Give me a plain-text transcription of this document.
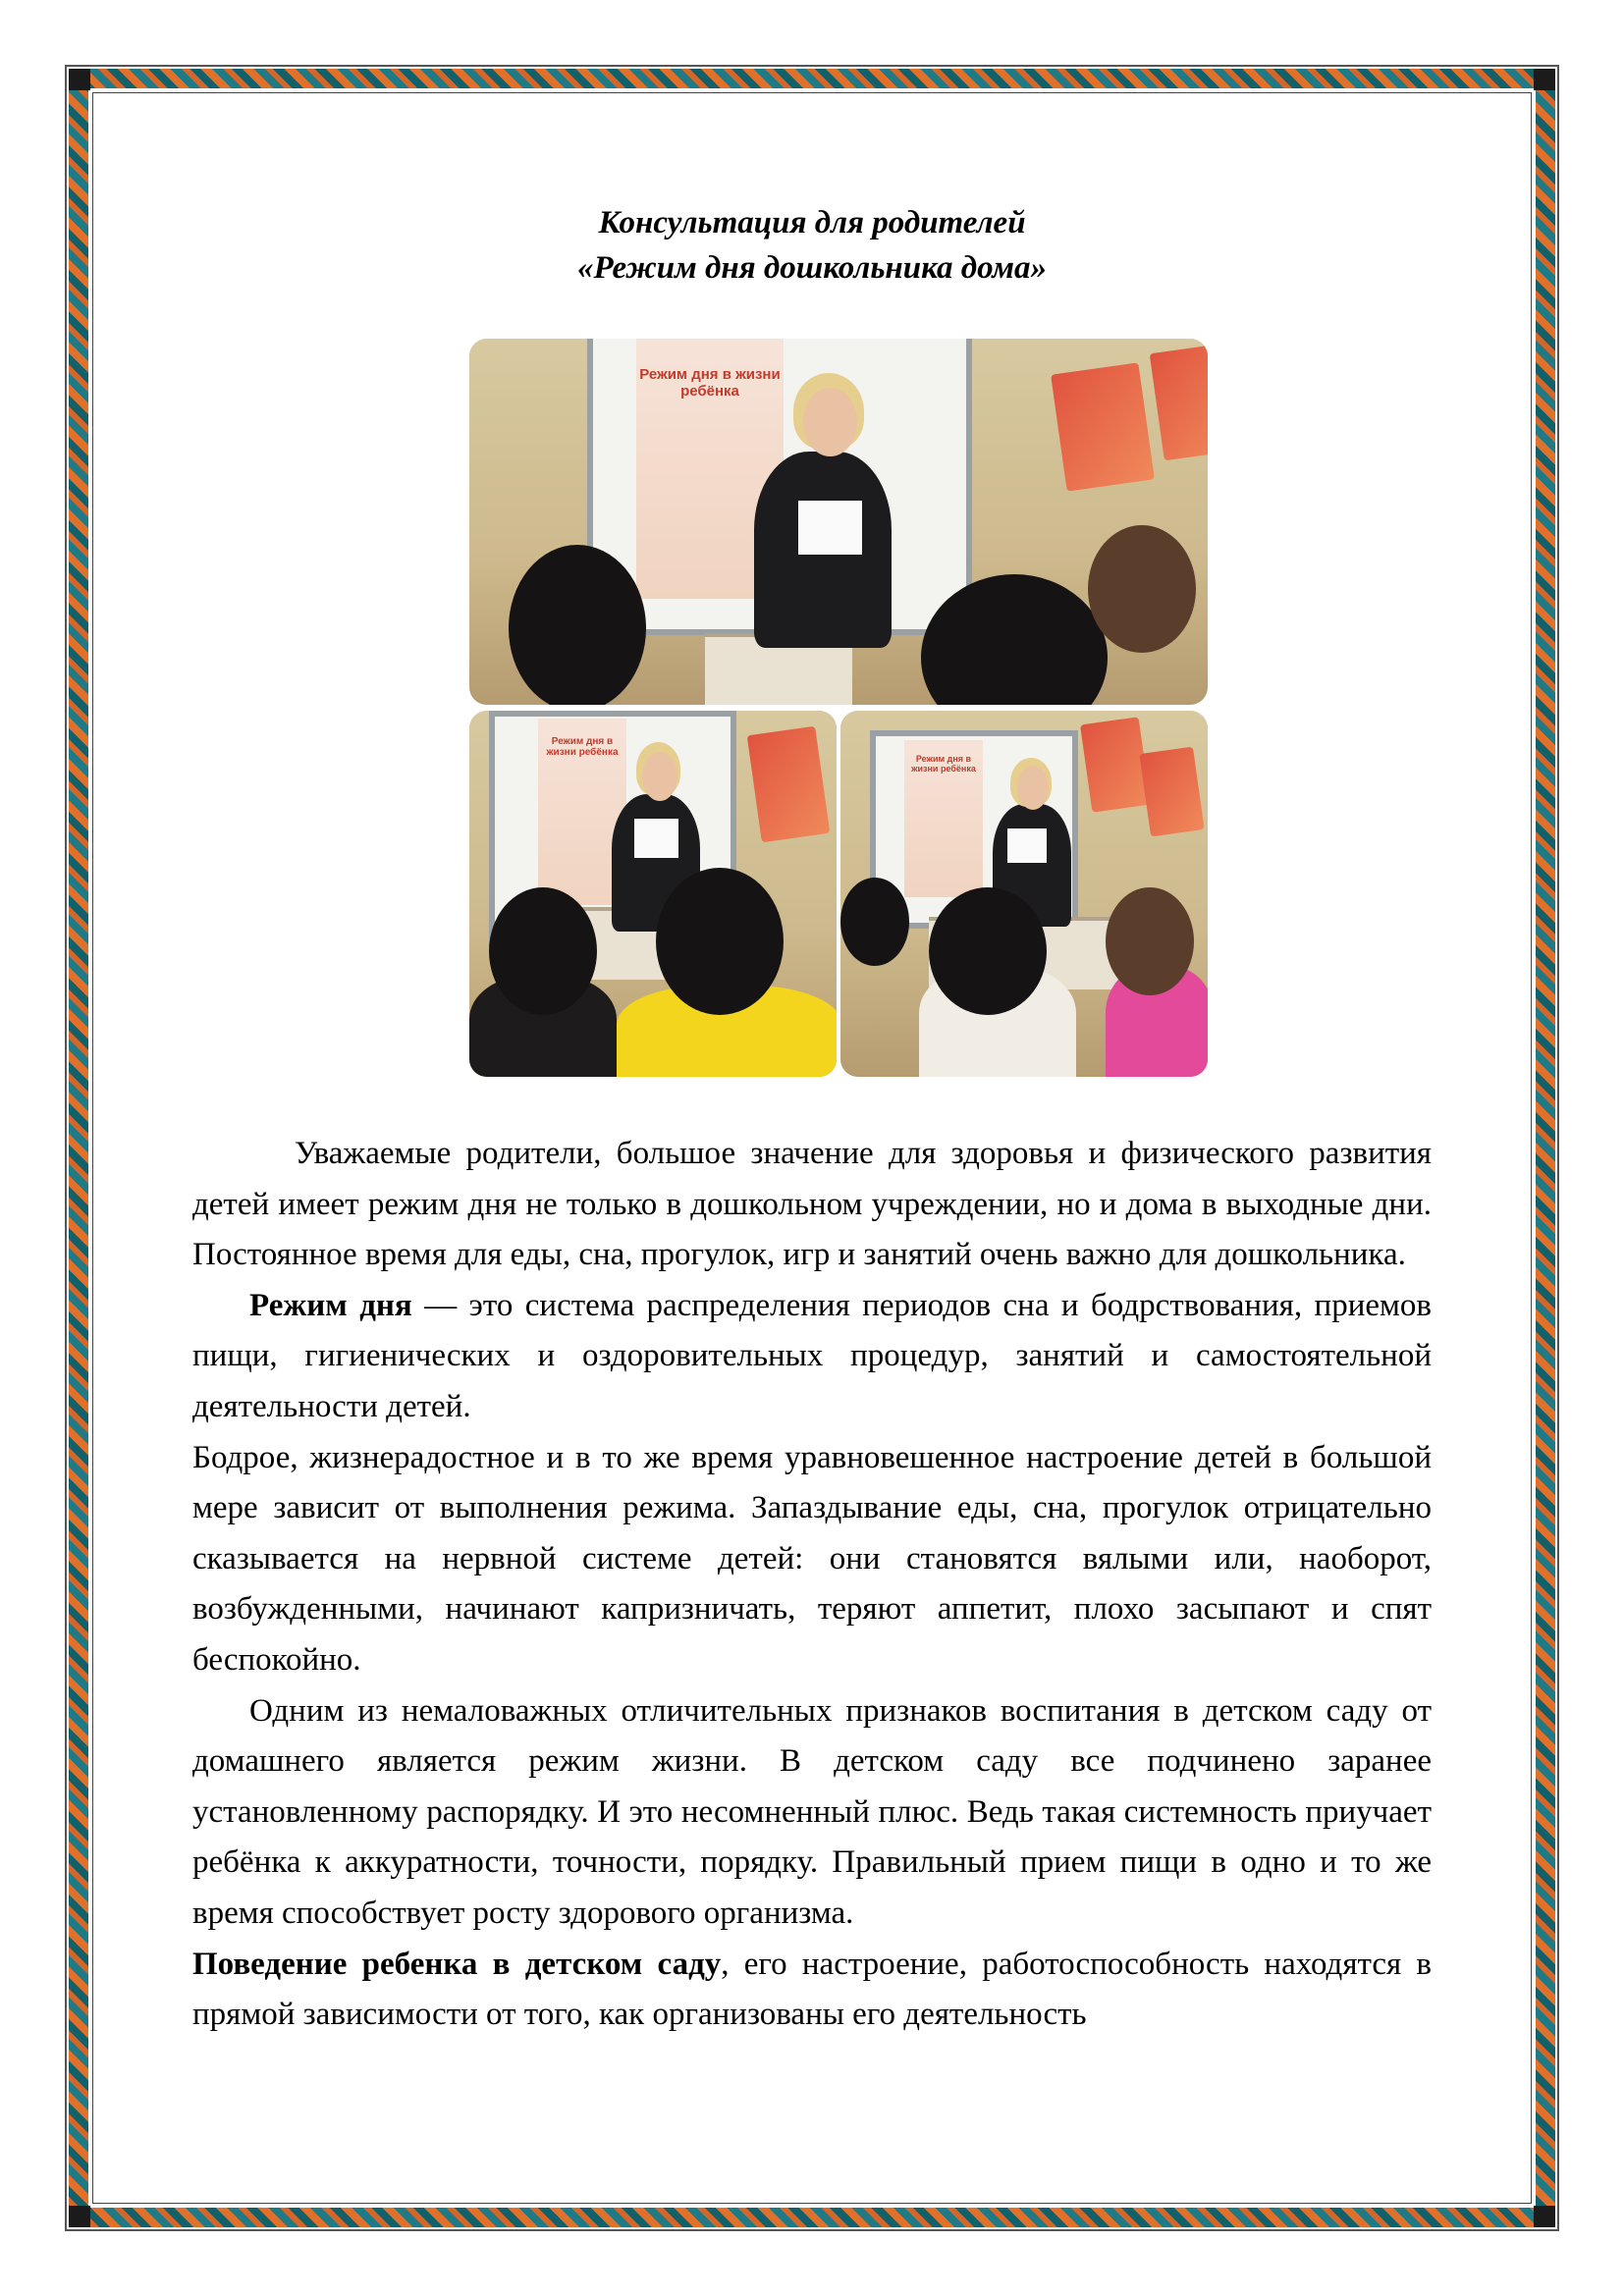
Консультация для родителей
«Режим дня дошкольника дома»
Режим дня в жизни ребёнка
Режим дня в жизни ребёнка
Режим дня в жизни ребёнка

Уважаемые родители, большое значение для здоровья и физического развития детей имеет режим дня не только в дошкольном учреждении, но и дома в выходные дни. Постоянное время для еды, сна, прогулок, игр и занятий очень важно для дошкольника.

Режим дня — это система распределения периодов сна и бодрствования, приемов пищи, гигиенических и оздоровительных процедур, занятий и самостоятельной деятельности детей.

Бодрое, жизнерадостное и в то же время уравновешенное настроение детей в большой мере зависит от выполнения режима. Запаздывание еды, сна, прогулок отрицательно сказывается на нервной системе детей: они становятся вялыми или, наоборот, возбужденными, начинают капризничать, теряют аппетит, плохо засыпают и спят беспокойно.

Одним из немаловажных отличительных признаков воспитания в детском саду от домашнего является режим жизни. В детском саду все подчинено заранее установленному распорядку. И это несомненный плюс. Ведь такая системность приучает ребёнка к аккуратности, точности, порядку. Правильный прием пищи в одно и то же время способствует росту здорового организма.

Поведение ребенка в детском саду, его настроение, работоспособность находятся в прямой зависимости от того, как организованы его деятельность
